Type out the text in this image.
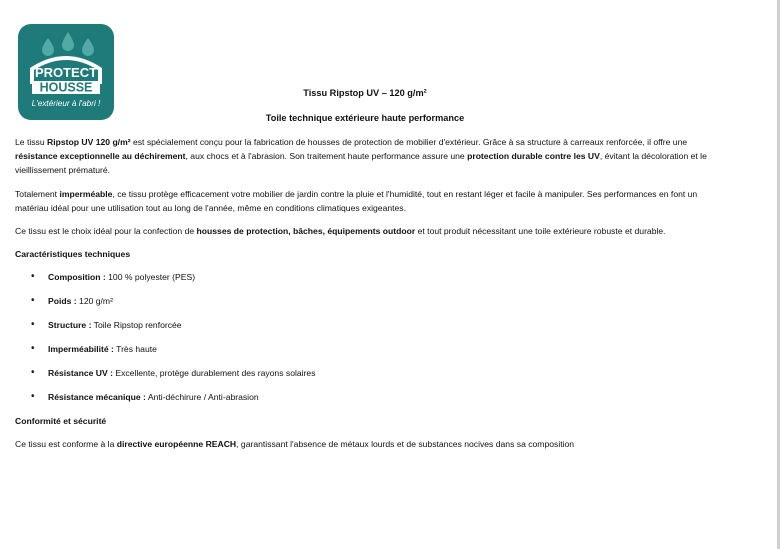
PROTECT
HOUSSE
L'extérieur à l'abri !
Tissu Ripstop UV – 120 g/m²
Toile technique extérieure haute performance

Le tissu Ripstop UV 120 g/m² est spécialement conçu pour la fabrication de housses de protection de mobilier d'extérieur. Grâce à sa structure à carreaux renforcée, il offre une résistance exceptionnelle au déchirement, aux chocs et à l'abrasion. Son traitement haute performance assure une protection durable contre les UV, évitant la décoloration et le vieillissement prématuré.

Totalement imperméable, ce tissu protège efficacement votre mobilier de jardin contre la pluie et l'humidité, tout en restant léger et facile à manipuler. Ses performances en font un matériau idéal pour une utilisation tout au long de l'année, même en conditions climatiques exigeantes.

Ce tissu est le choix idéal pour la confection de housses de protection, bâches, équipements outdoor et tout produit nécessitant une toile extérieure robuste et durable.

Caractéristiques techniques
• Composition : 100 % polyester (PES)
• Poids : 120 g/m²
• Structure : Toile Ripstop renforcée
• Imperméabilité : Très haute
• Résistance UV : Excellente, protège durablement des rayons solaires
• Résistance mécanique : Anti-déchirure / Anti-abrasion
Conformité et sécurité

Ce tissu est conforme à la directive européenne REACH, garantissant l'absence de métaux lourds et de substances nocives dans sa composition
